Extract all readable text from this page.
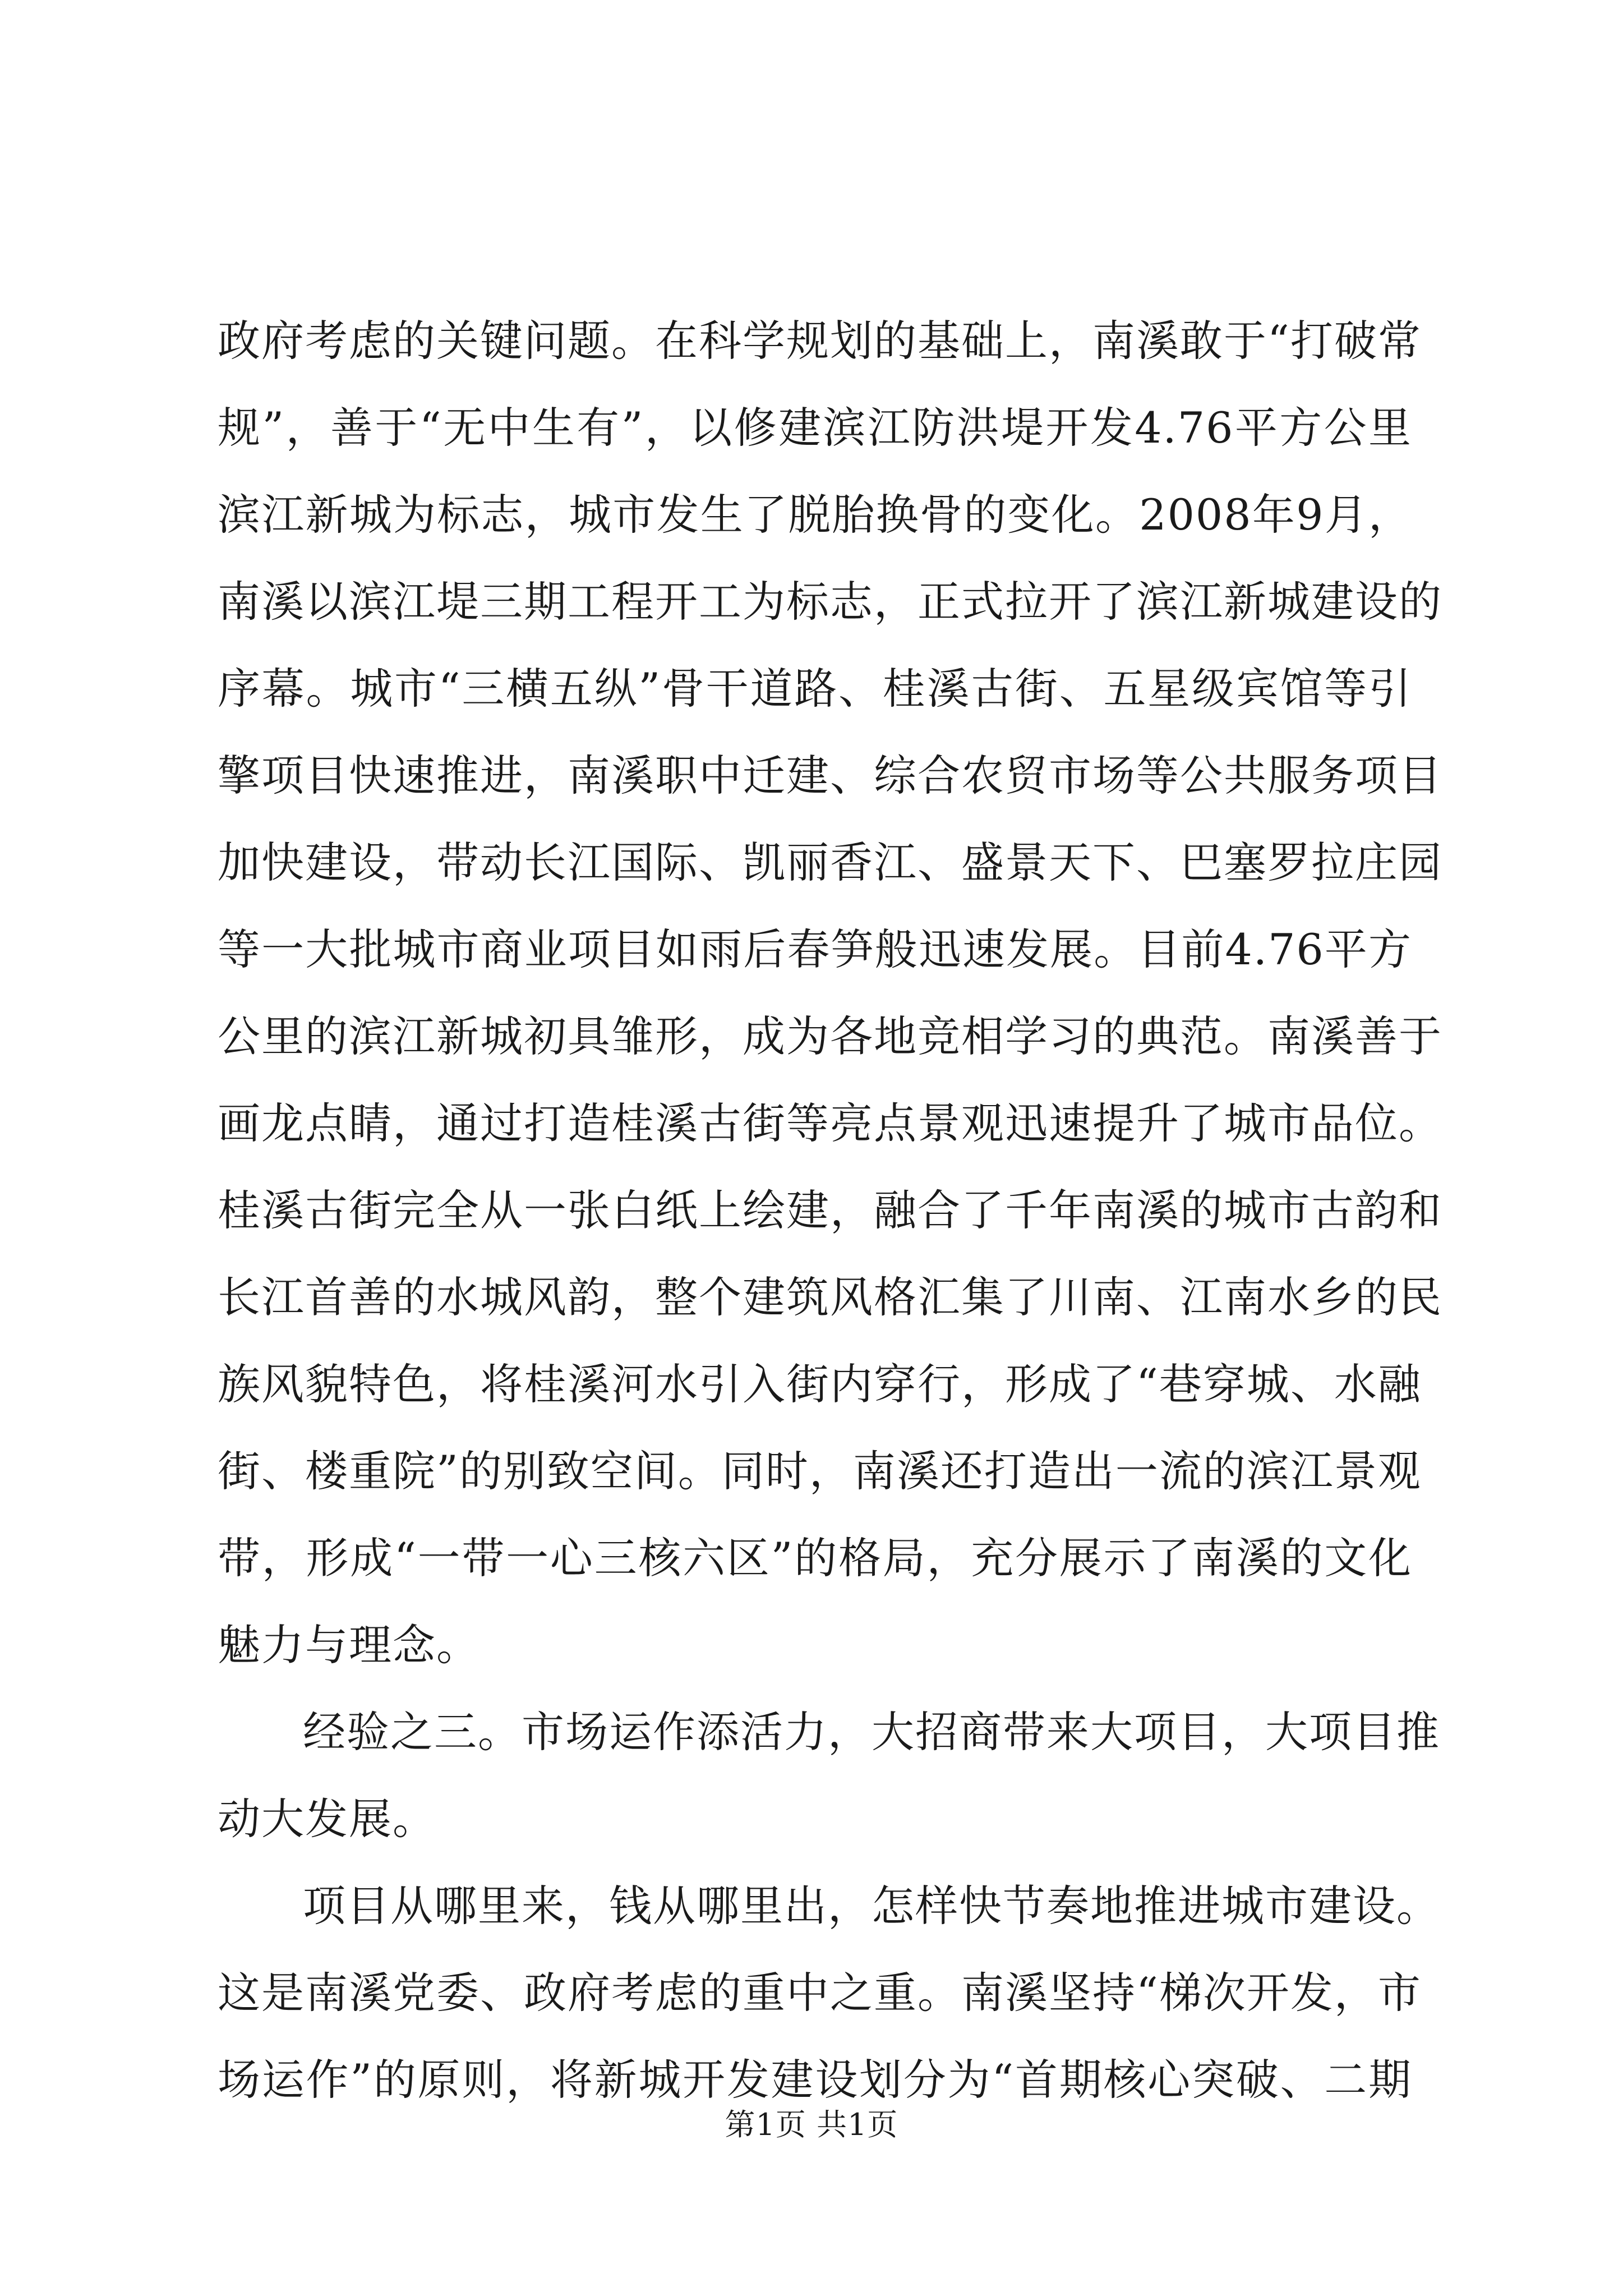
政府考虑的关键问题。在科学规划的基础上，南溪敢于“打破常
规”，善于“无中生有”，以修建滨江防洪堤开发4.76平方公里
滨江新城为标志，城市发生了脱胎换骨的变化。2008年9月，
南溪以滨江堤三期工程开工为标志，正式拉开了滨江新城建设的
序幕。城市“三横五纵”骨干道路、桂溪古街、五星级宾馆等引
擎项目快速推进，南溪职中迁建、综合农贸市场等公共服务项目
加快建设，带动长江国际、凯丽香江、盛景天下、巴塞罗拉庄园
等一大批城市商业项目如雨后春笋般迅速发展。目前4.76平方
公里的滨江新城初具雏形，成为各地竞相学习的典范。南溪善于
画龙点睛，通过打造桂溪古街等亮点景观迅速提升了城市品位。
桂溪古街完全从一张白纸上绘建，融合了千年南溪的城市古韵和
长江首善的水城风韵，整个建筑风格汇集了川南、江南水乡的民
族风貌特色，将桂溪河水引入街内穿行，形成了“巷穿城、水融
街、楼重院”的别致空间。同时，南溪还打造出一流的滨江景观
带，形成“一带一心三核六区”的格局，充分展示了南溪的文化
魅力与理念。
经验之三。市场运作添活力，大招商带来大项目，大项目推
动大发展。
项目从哪里来，钱从哪里出，怎样快节奏地推进城市建设。
这是南溪党委、政府考虑的重中之重。南溪坚持“梯次开发，市
场运作”的原则，将新城开发建设划分为“首期核心突破、二期
第1页 共1页
